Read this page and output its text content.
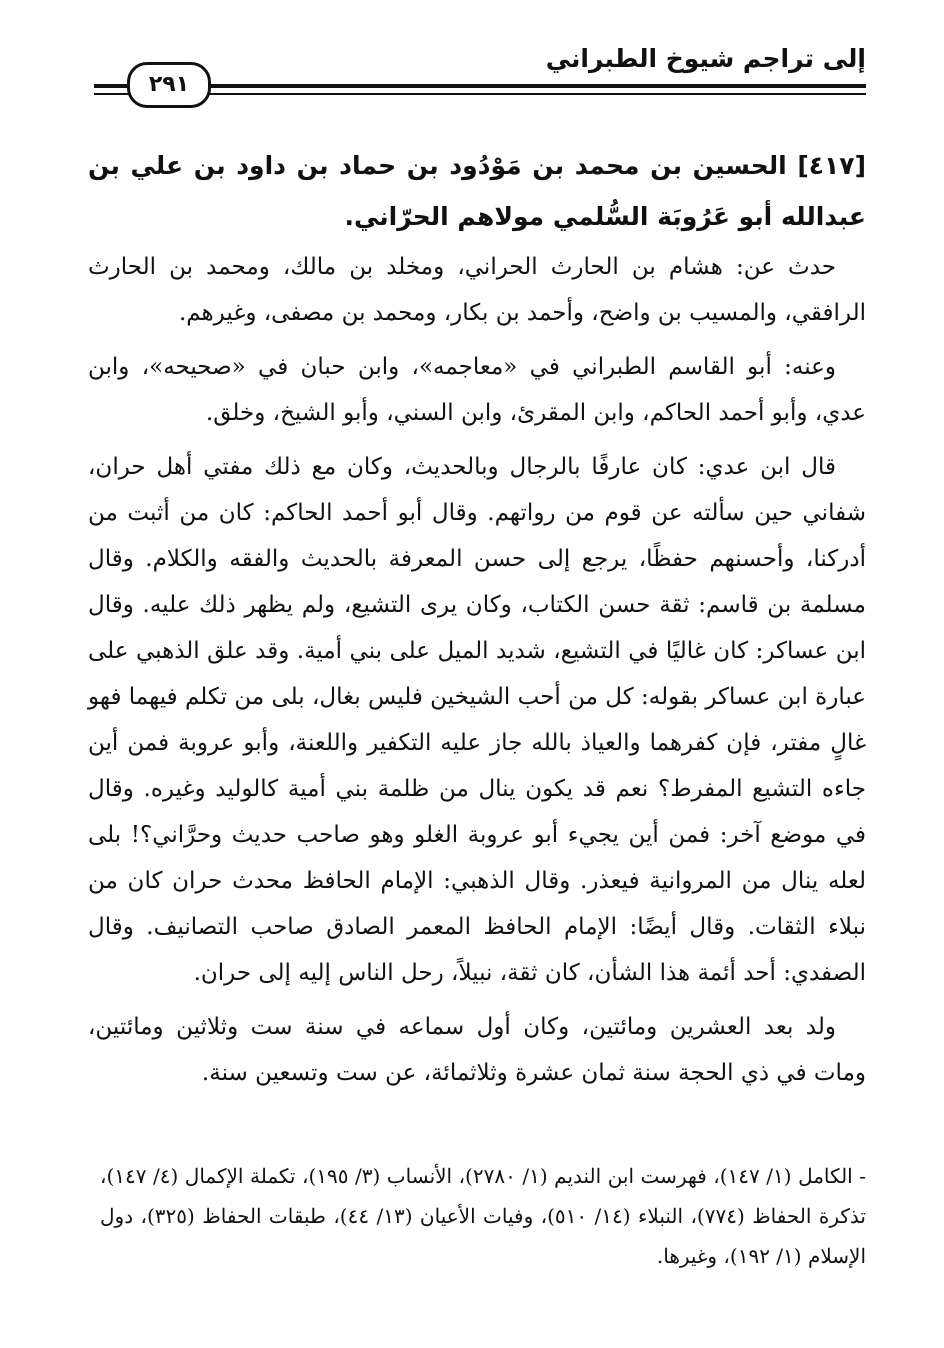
إلى تراجم شيوخ الطبراني
٢٩١
[٤١٧] الحسين بن محمد بن مَوْدُود بن حماد بن داود بن علي بن عبدالله أبو عَرُوبَة السُّلمي مولاهم الحرّاني.

حدث عن: هشام بن الحارث الحراني، ومخلد بن مالك، ومحمد بن الحارث الرافقي، والمسيب بن واضح، وأحمد بن بكار، ومحمد بن مصفى، وغيرهم.

وعنه: أبو القاسم الطبراني في «معاجمه»، وابن حبان في «صحيحه»، وابن عدي، وأبو أحمد الحاكم، وابن المقرئ، وابن السني، وأبو الشيخ، وخلق.

قال ابن عدي: كان عارفًا بالرجال وبالحديث، وكان مع ذلك مفتي أهل حران، شفاني حين سألته عن قوم من رواتهم. وقال أبو أحمد الحاكم: كان من أثبت من أدركنا، وأحسنهم حفظًا، يرجع إلى حسن المعرفة بالحديث والفقه والكلام. وقال مسلمة بن قاسم: ثقة حسن الكتاب، وكان يرى التشيع، ولم يظهر ذلك عليه. وقال ابن عساكر: كان غاليًا في التشيع، شديد الميل على بني أمية. وقد علق الذهبي على عبارة ابن عساكر بقوله: كل من أحب الشيخين فليس بغال، بلى من تكلم فيهما فهو غالٍ مفتر، فإن كفرهما والعياذ بالله جاز عليه التكفير واللعنة، وأبو عروبة فمن أين جاءه التشيع المفرط؟ نعم قد يكون ينال من ظلمة بني أمية كالوليد وغيره. وقال في موضع آخر: فمن أين يجيء أبو عروبة الغلو وهو صاحب حديث وحرَّاني؟! بلى لعله ينال من المروانية فيعذر. وقال الذهبي: الإمام الحافظ محدث حران كان من نبلاء الثقات. وقال أيضًا: الإمام الحافظ المعمر الصادق صاحب التصانيف. وقال الصفدي: أحد أئمة هذا الشأن، كان ثقة، نبيلاً، رحل الناس إليه إلى حران.

ولد بعد العشرين ومائتين، وكان أول سماعه في سنة ست وثلاثين ومائتين، ومات في ذي الحجة سنة ثمان عشرة وثلاثمائة، عن ست وتسعين سنة.

- الكامل (١/ ١٤٧)، فهرست ابن النديم (١/ ٢٧٨٠)، الأنساب (٣/ ١٩٥)، تكملة الإكمال (٤/ ١٤٧)، تذكرة الحفاظ (٧٧٤)، النبلاء (١٤/ ٥١٠)، وفيات الأعيان (١٣/ ٤٤)، طبقات الحفاظ (٣٢٥)، دول الإسلام (١/ ١٩٢)، وغيرها.
